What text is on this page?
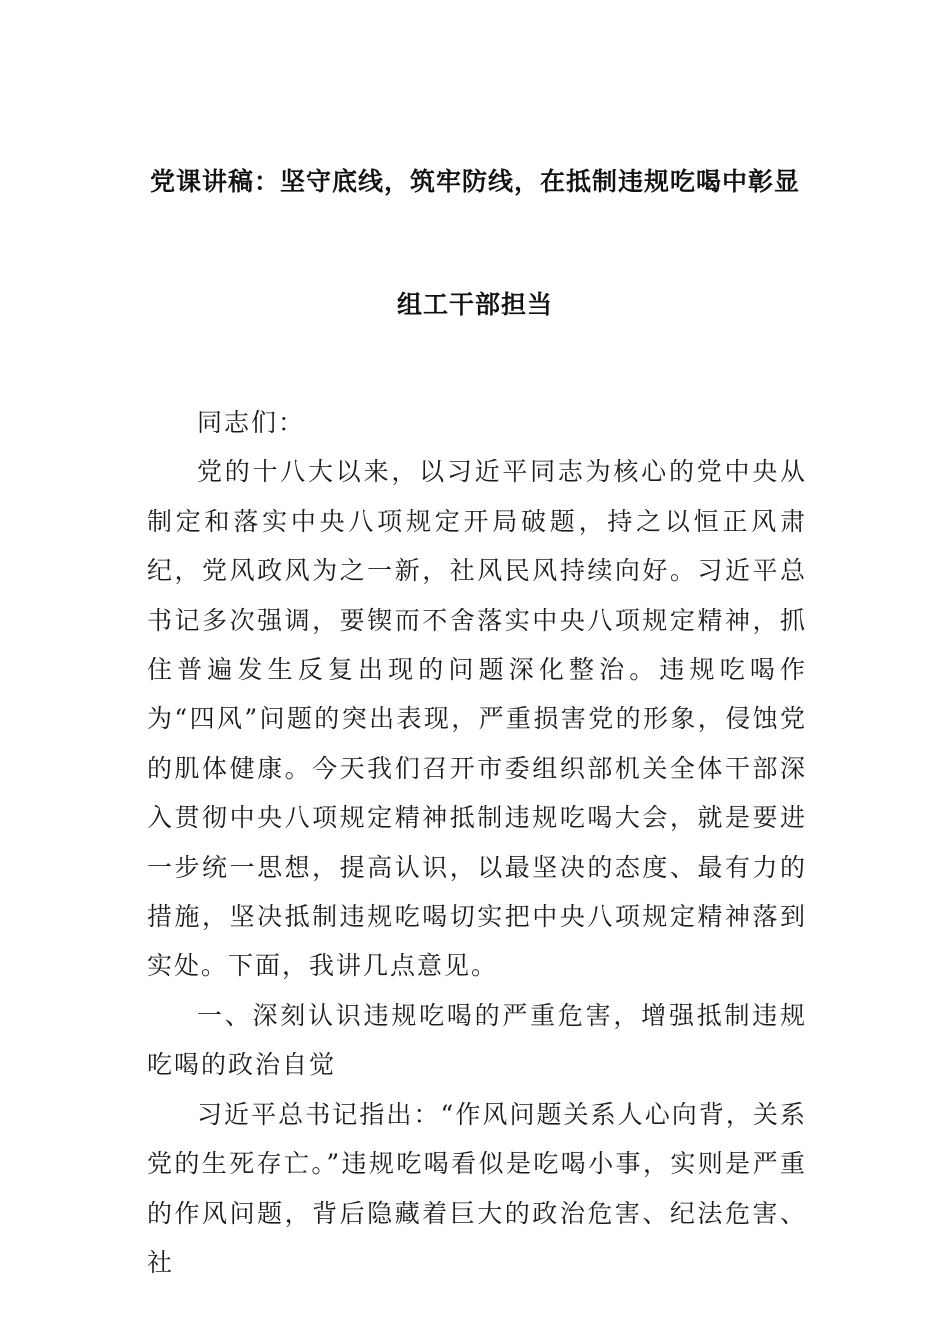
党课讲稿：坚守底线，筑牢防线，在抵制违规吃喝中彰显
组工干部担当

同志们：

党的十八大以来，以习近平同志为核心的党中央从制定和落实中央八项规定开局破题，持之以恒正风肃纪，党风政风为之一新，社风民风持续向好。习近平总书记多次强调，要锲而不舍落实中央八项规定精神，抓住普遍发生反复出现的问题深化整治。违规吃喝作为“四风”问题的突出表现，严重损害党的形象，侵蚀党的肌体健康。今天我们召开市委组织部机关全体干部深入贯彻中央八项规定精神抵制违规吃喝大会，就是要进一步统一思想，提高认识，以最坚决的态度、最有力的措施，坚决抵制违规吃喝切实把中央八项规定精神落到实处。下面，我讲几点意见。

一、深刻认识违规吃喝的严重危害，增强抵制违规吃喝的政治自觉

习近平总书记指出：“作风问题关系人心向背，关系党的生死存亡。”违规吃喝看似是吃喝小事，实则是严重的作风问题，背后隐藏着巨大的政治危害、纪法危害、社
